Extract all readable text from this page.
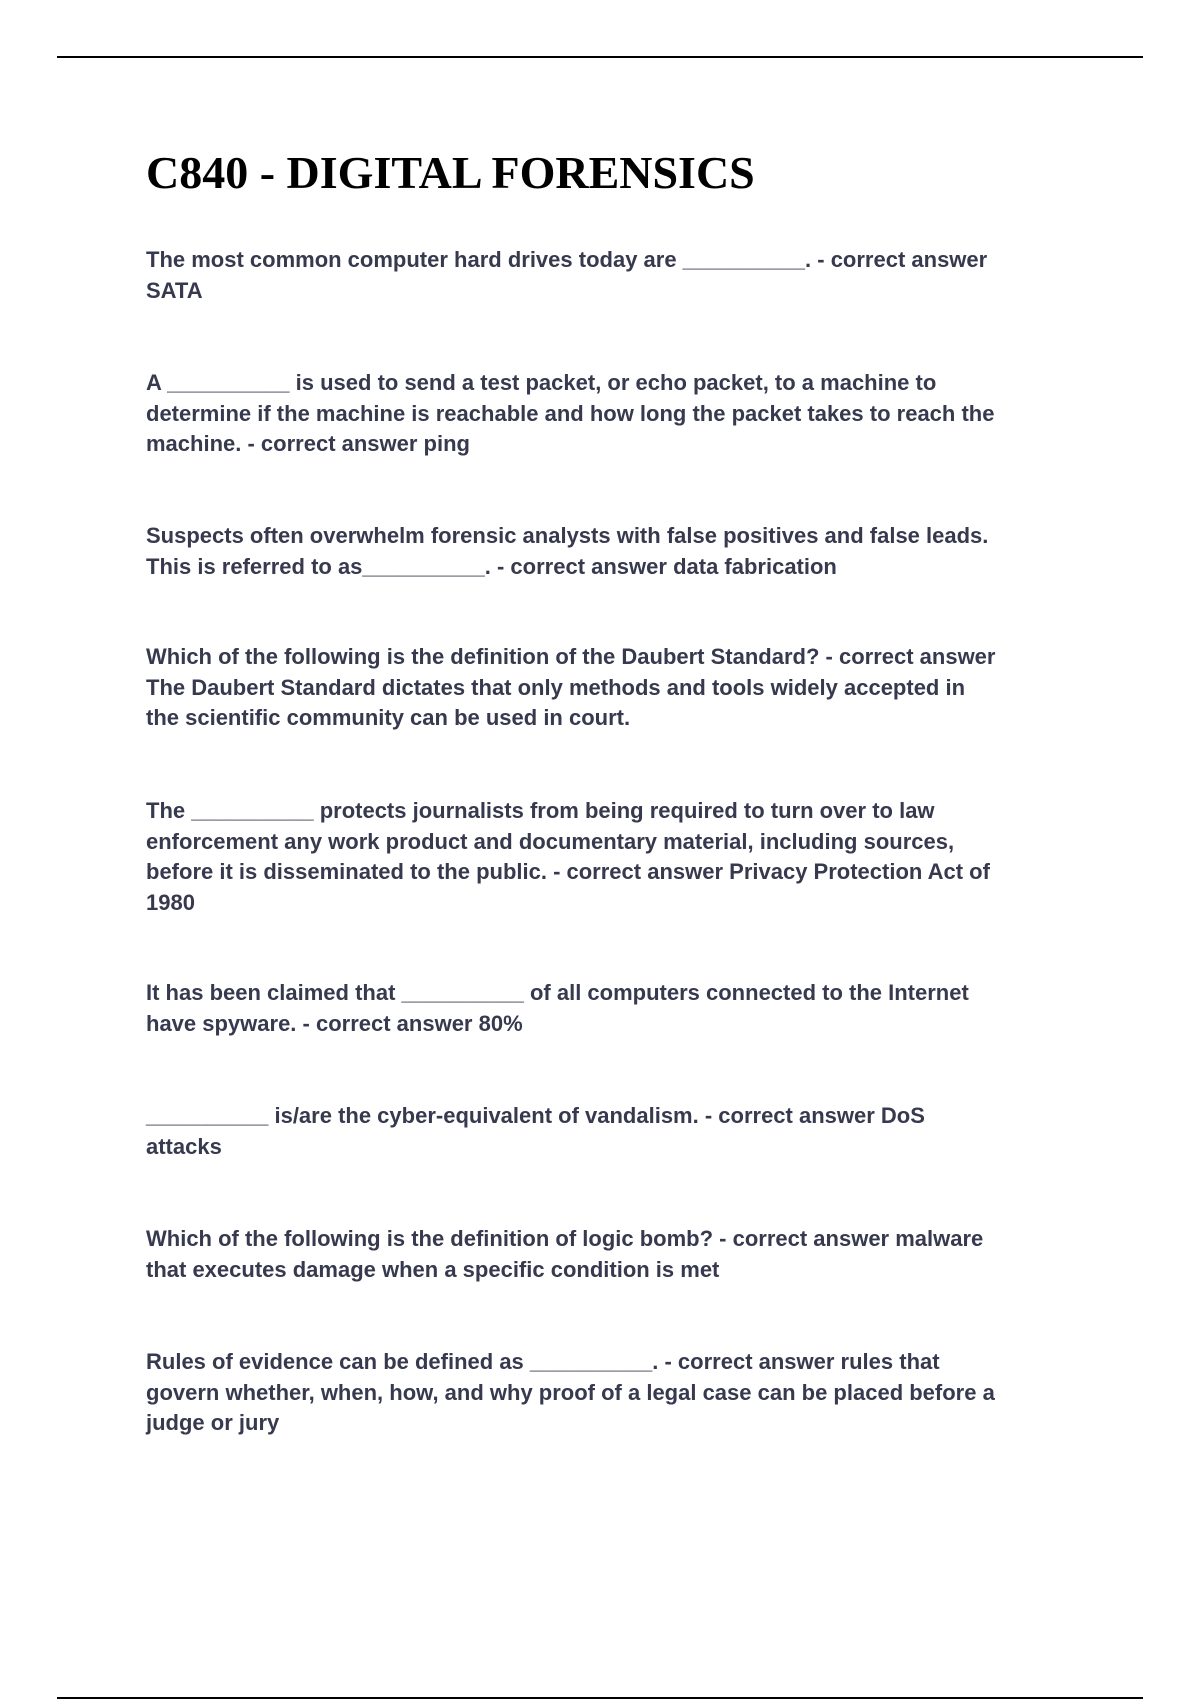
C840 - DIGITAL FORENSICS
The most common computer hard drives today are __________. - correct answer
SATA
A __________ is used to send a test packet, or echo packet, to a machine to
determine if the machine is reachable and how long the packet takes to reach the
machine. - correct answer ping
Suspects often overwhelm forensic analysts with false positives and false leads.
This is referred to as__________. - correct answer data fabrication
Which of the following is the definition of the Daubert Standard? - correct answer
The Daubert Standard dictates that only methods and tools widely accepted in
the scientific community can be used in court.
The __________ protects journalists from being required to turn over to law
enforcement any work product and documentary material, including sources,
before it is disseminated to the public. - correct answer Privacy Protection Act of
1980
It has been claimed that __________ of all computers connected to the Internet
have spyware. - correct answer 80%
__________ is/are the cyber-equivalent of vandalism. - correct answer DoS
attacks
Which of the following is the definition of logic bomb? - correct answer malware
that executes damage when a specific condition is met
Rules of evidence can be defined as __________. - correct answer rules that
govern whether, when, how, and why proof of a legal case can be placed before a
judge or jury
